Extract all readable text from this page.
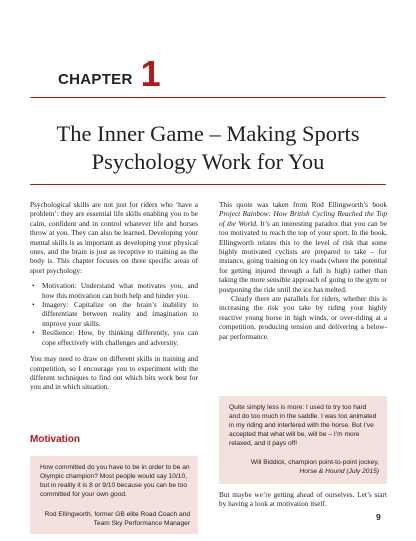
CHAPTER 1
The Inner Game – Making Sports
Psychology Work for You

Psychological skills are not just for riders who ‘have a problem’: they are essential life skills enabling you to be calm, confident and in control whatever life and horses throw at you. They can also be learned. Developing your mental skills is as important as developing your physical ones, and the brain is just as receptive to training as the body is. This chapter focuses on three specific areas of sport psychology:

• Motivation: Understand what motivates you, and how this motivation can both help and hinder you.
• Imagery: Capitalize on the brain’s inability to differentiate between reality and imagination to improve your skills.
• Resilience: How, by thinking differently, you can cope effectively with challenges and adversity.

You may need to draw on different skills in training and competition, so I encourage you to experiment with the different techniques to find out which bits work best for you and in which situation.

This quote was taken from Rod Ellingworth’s book Project Rainbow: How British Cycling Reached the Top of the World. It’s an interesting paradox that you can be too motivated to reach the top of your sport. In the book, Ellingworth relates this to the level of risk that some highly motivated cyclists are prepared to take – for instance, going training on icy roads (where the potential for getting injured through a fall is high) rather than taking the more sensible approach of going to the gym or postponing the ride until the ice has melted.

Clearly there are parallels for riders, whether this is increasing the risk you take by riding your highly reactive young horse in high winds, or over-riding at a competition, producing tension and delivering a below-par performance.

Quite simply less is more: I used to try too hard and do too much in the saddle. I was too animated in my riding and interfered with the horse. But I’ve accepted that what will be, will be – I’m more relaxed, and it pays off!

Will Biddick, champion point-to-point jockey,
Horse & Hound (July 2015)

Motivation

How committed do you have to be in order to be an Olympic champion? Most people would say 10/10, but in reality it is 8 or 9/10 because you can be too committed for your own good.

Rod Ellingworth, former GB elite Road Coach and
Team Sky Performance Manager

But maybe we’re getting ahead of ourselves. Let’s start by having a look at motivation itself.

9
